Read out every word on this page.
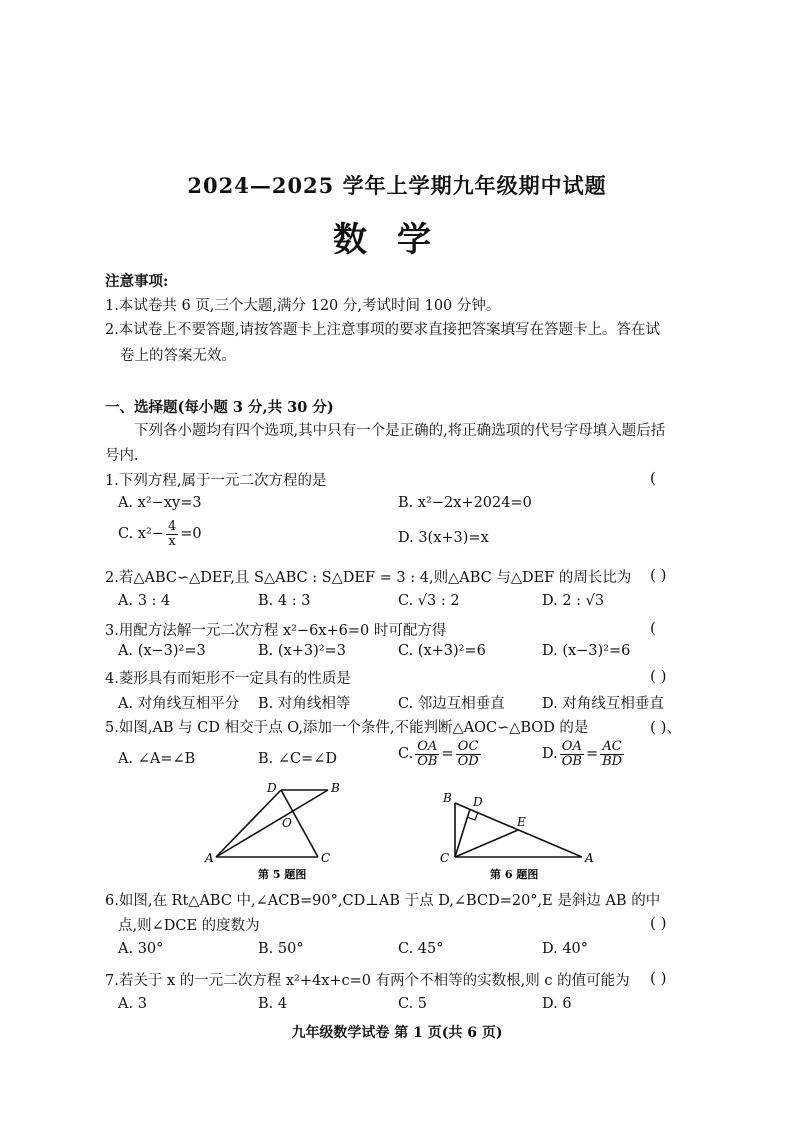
2024—2025 学年上学期九年级期中试题
数学
注意事项:
1.本试卷共 6 页,三个大题,满分 120 分,考试时间 100 分钟。
2.本试卷上不要答题,请按答题卡上注意事项的要求直接把答案填写在答题卡上。答在试
卷上的答案无效。
一、选择题(每小题 3 分,共 30 分)
下列各小题均有四个选项,其中只有一个是正确的,将正确选项的代号字母填入题后括
号内.
1.下列方程,属于一元二次方程的是	(
A. x²−xy=3	B. x²−2x+2024=0
C. $x^2- \frac{4}{x} =0$	D. 3(x+3)=x
2.若△ABC∽△DEF,且 S△ABC : S△DEF = 3 : 4,则△ABC 与△DEF 的周长比为 ( )
A. 3 : 4	B. 4 : 3	C. √3 : 2	D. 2 : √3
3.用配方法解一元二次方程 x²−6x+6=0 时可配方得	(
A. (x−3)²=3	B. (x+3)²=3	C. (x+3)²=6	D. (x−3)²=6
4.菱形具有而矩形不一定具有的性质是	( )
A. 对角线互相平分 B. 对角线相等	C. 邻边互相垂直	D. 对角线互相垂直
5.如图,AB 与 CD 相交于点 O,添加一个条件,不能判断△AOC∽△BOD 的是	( )、
A. ∠A=∠B	B. ∠C=∠D	C. $\frac{OA}{OB} = \frac{OC}{OD}$	D. $\frac{OA}{OB} = \frac{AC}{BD}$
A
B
C
D
O
第 5 题图
B D
E
C	A
第 6 题图
6.如图,在 Rt△ABC 中,∠ACB=90°,CD⊥AB 于点 D,∠BCD=20°,E 是斜边 AB 的中
点,则∠DCE 的度数为	( )
A. 30°	B. 50°	C. 45°	D. 40°
7.若关于 x 的一元二次方程 x²+4x+c=0 有两个不相等的实数根,则 c 的值可能为 ( )
A. 3	B. 4	C. 5	D. 6
九年级数学试卷 第 1 页(共 6 页)
